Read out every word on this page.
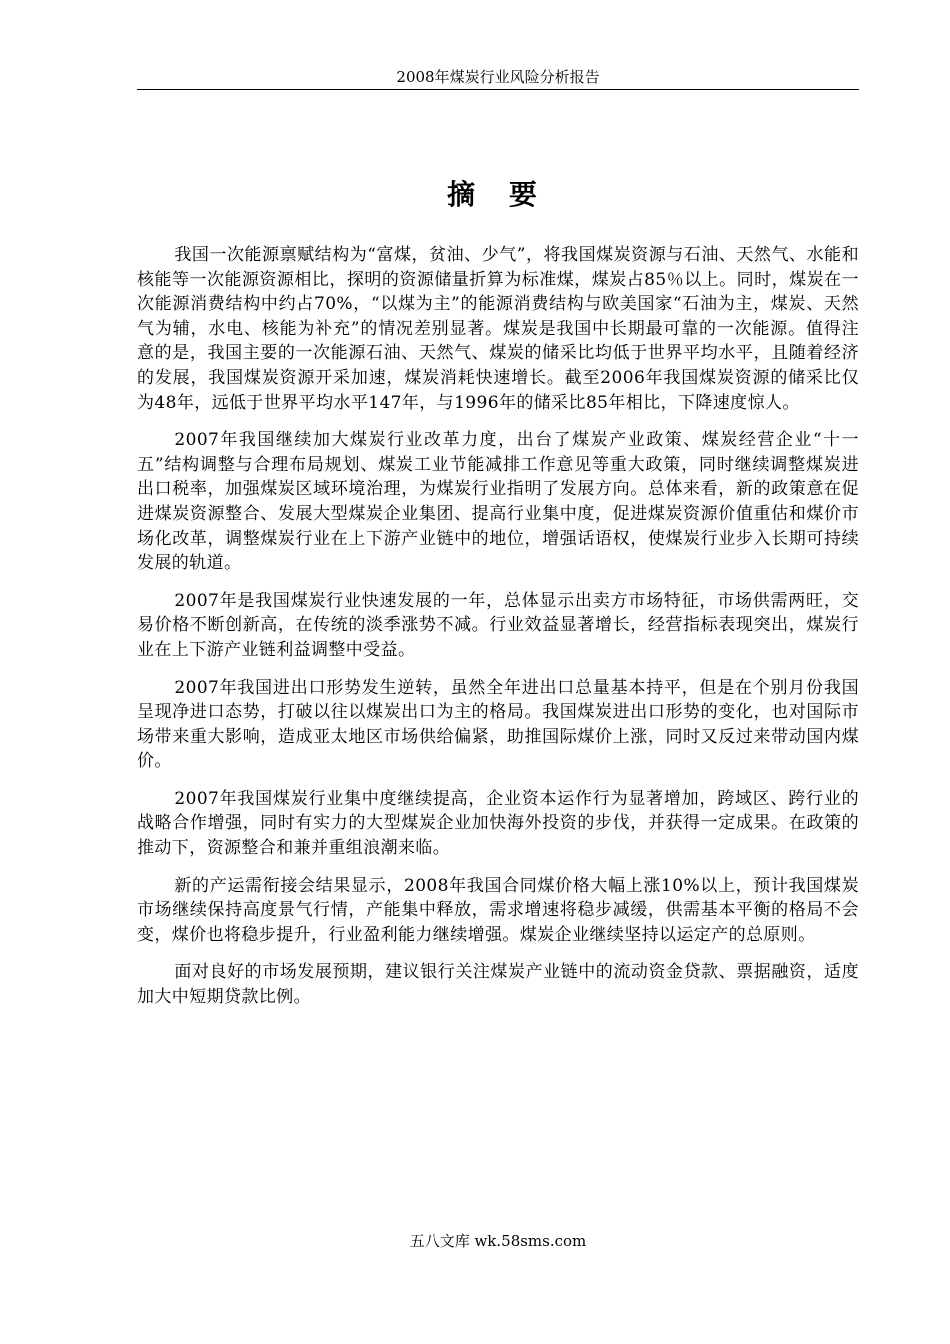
2008年煤炭行业风险分析报告
摘 要

我国一次能源禀赋结构为“富煤，贫油、少气”，将我国煤炭资源与石油、天然气、水能和核能等一次能源资源相比，探明的资源储量折算为标准煤，煤炭占85％以上。同时，煤炭在一次能源消费结构中约占70%，“以煤为主”的能源消费结构与欧美国家“石油为主，煤炭、天然气为辅，水电、核能为补充”的情况差别显著。煤炭是我国中长期最可靠的一次能源。值得注意的是，我国主要的一次能源石油、天然气、煤炭的储采比均低于世界平均水平，且随着经济的发展，我国煤炭资源开采加速，煤炭消耗快速增长。截至2006年我国煤炭资源的储采比仅为48年，远低于世界平均水平147年，与1996年的储采比85年相比，下降速度惊人。

2007年我国继续加大煤炭行业改革力度，出台了煤炭产业政策、煤炭经营企业“十一五”结构调整与合理布局规划、煤炭工业节能减排工作意见等重大政策，同时继续调整煤炭进出口税率，加强煤炭区域环境治理，为煤炭行业指明了发展方向。总体来看，新的政策意在促进煤炭资源整合、发展大型煤炭企业集团、提高行业集中度，促进煤炭资源价值重估和煤价市场化改革，调整煤炭行业在上下游产业链中的地位，增强话语权，使煤炭行业步入长期可持续发展的轨道。

2007年是我国煤炭行业快速发展的一年，总体显示出卖方市场特征，市场供需两旺，交易价格不断创新高，在传统的淡季涨势不减。行业效益显著增长，经营指标表现突出，煤炭行业在上下游产业链利益调整中受益。

2007年我国进出口形势发生逆转，虽然全年进出口总量基本持平，但是在个别月份我国呈现净进口态势，打破以往以煤炭出口为主的格局。我国煤炭进出口形势的变化，也对国际市场带来重大影响，造成亚太地区市场供给偏紧，助推国际煤价上涨，同时又反过来带动国内煤价。

2007年我国煤炭行业集中度继续提高，企业资本运作行为显著增加，跨域区、跨行业的战略合作增强，同时有实力的大型煤炭企业加快海外投资的步伐，并获得一定成果。在政策的推动下，资源整合和兼并重组浪潮来临。

新的产运需衔接会结果显示，2008年我国合同煤价格大幅上涨10%以上，预计我国煤炭市场继续保持高度景气行情，产能集中释放，需求增速将稳步减缓，供需基本平衡的格局不会变，煤价也将稳步提升，行业盈利能力继续增强。煤炭企业继续坚持以运定产的总原则。

面对良好的市场发展预期，建议银行关注煤炭产业链中的流动资金贷款、票据融资，适度加大中短期贷款比例。

五八文库 wk.58sms.com
